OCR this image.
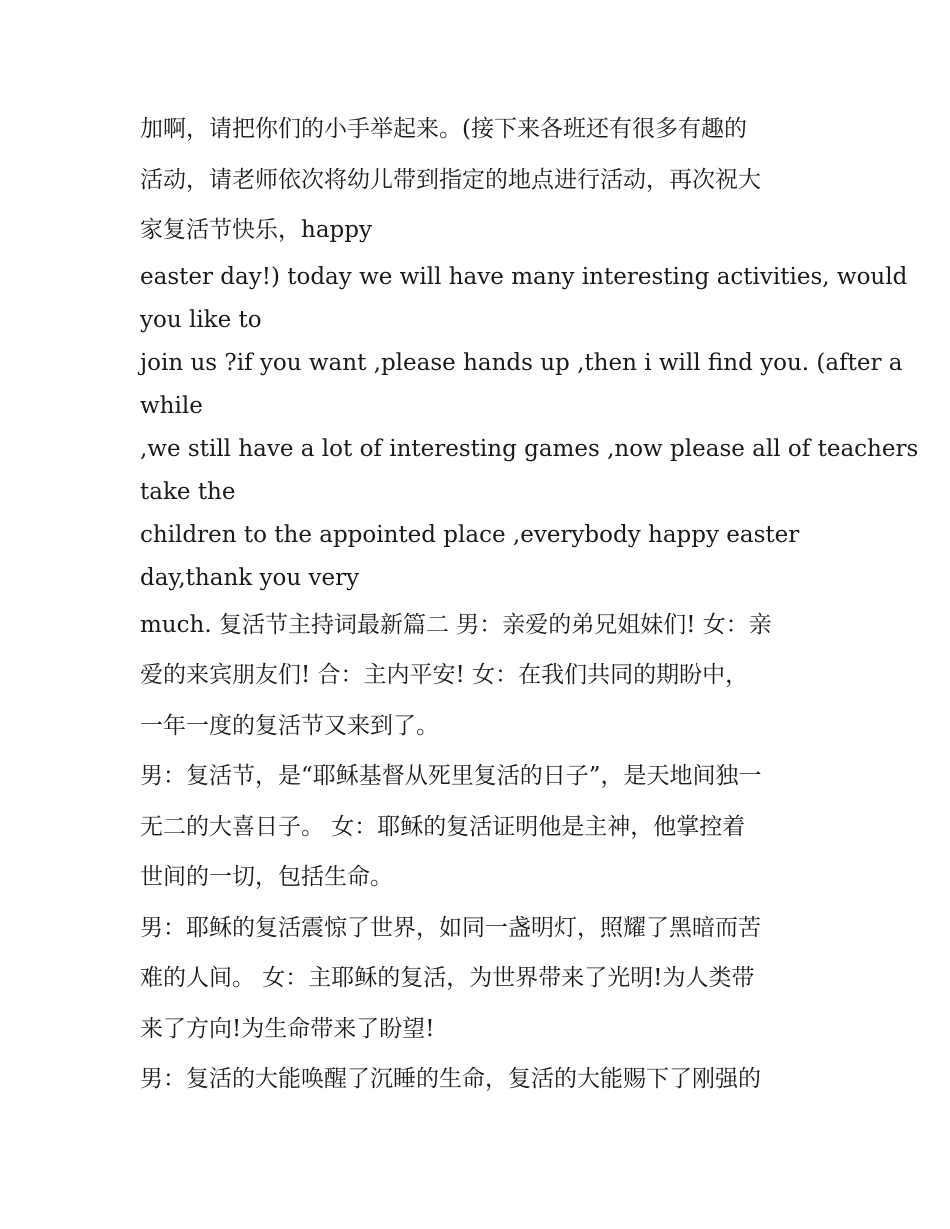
加啊，请把你们的小手举起来。(接下来各班还有很多有趣的
活动，请老师依次将幼儿带到指定的地点进行活动，再次祝大
家复活节快乐，happy
easter day!) today we will have many interesting activities, would
you like to
join us ?if you want ,please hands up ,then i will find you. (after a
while
,we still have a lot of interesting games ,now please all of teachers
take the
children to the appointed place ,everybody happy easter
day,thank you very
much. 复活节主持词最新篇二 男：亲爱的弟兄姐妹们! 女：亲
爱的来宾朋友们! 合：主内平安! 女：在我们共同的期盼中，
一年一度的复活节又来到了。
男：复活节，是“耶稣基督从死里复活的日子”，是天地间独一
无二的大喜日子。 女：耶稣的复活证明他是主神，他掌控着
世间的一切，包括生命。
男：耶稣的复活震惊了世界，如同一盏明灯，照耀了黑暗而苦
难的人间。 女：主耶稣的复活，为世界带来了光明!为人类带
来了方向!为生命带来了盼望!
男：复活的大能唤醒了沉睡的生命，复活的大能赐下了刚强的
